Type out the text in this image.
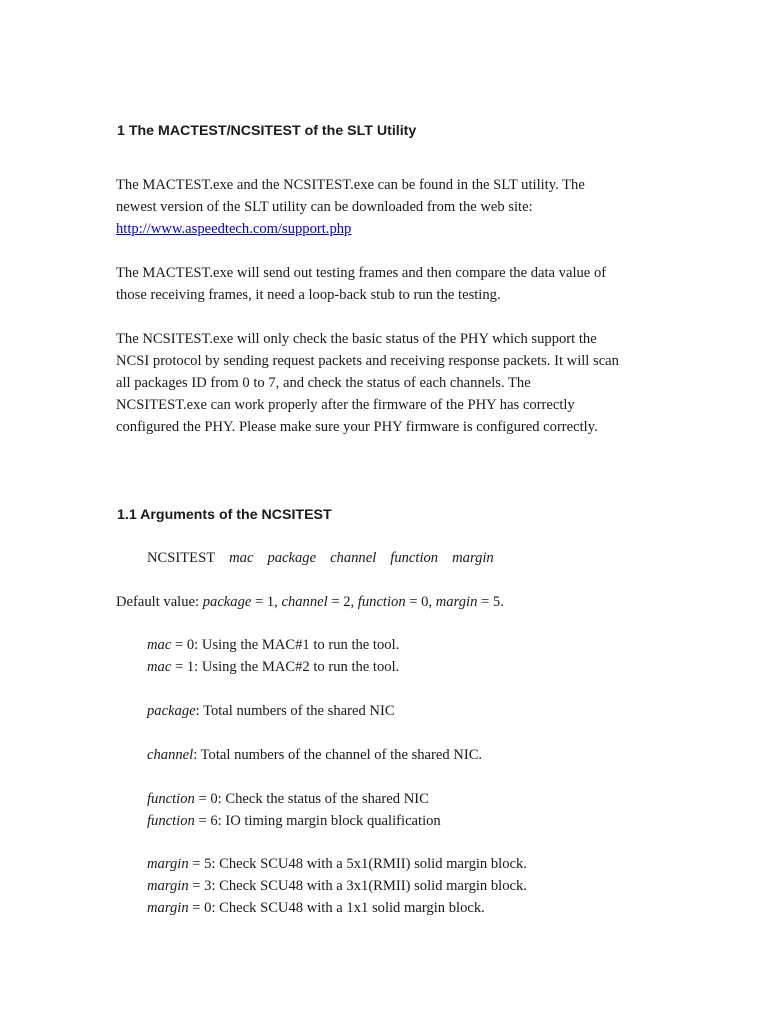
1 The MACTEST/NCSITEST of the SLT Utility
The MACTEST.exe and the NCSITEST.exe can be found in the SLT utility. The
newest version of the SLT utility can be downloaded from the web site:
http://www.aspeedtech.com/support.php
The MACTEST.exe will send out testing frames and then compare the data value of
those receiving frames, it need a loop-back stub to run the testing.
The NCSITEST.exe will only check the basic status of the PHY which support the
NCSI protocol by sending request packets and receiving response packets. It will scan
all packages ID from 0 to 7, and check the status of each channels. The
NCSITEST.exe can work properly after the firmware of the PHY has correctly
configured the PHY. Please make sure your PHY firmware is configured correctly.
1.1 Arguments of the NCSITEST
NCSITEST mac package channel function margin
Default value: package = 1, channel = 2, function = 0, margin = 5.
mac = 0: Using the MAC#1 to run the tool.
mac = 1: Using the MAC#2 to run the tool.
package: Total numbers of the shared NIC
channel: Total numbers of the channel of the shared NIC.
function = 0: Check the status of the shared NIC
function = 6: IO timing margin block qualification
margin = 5: Check SCU48 with a 5x1(RMII) solid margin block.
margin = 3: Check SCU48 with a 3x1(RMII) solid margin block.
margin = 0: Check SCU48 with a 1x1 solid margin block.
